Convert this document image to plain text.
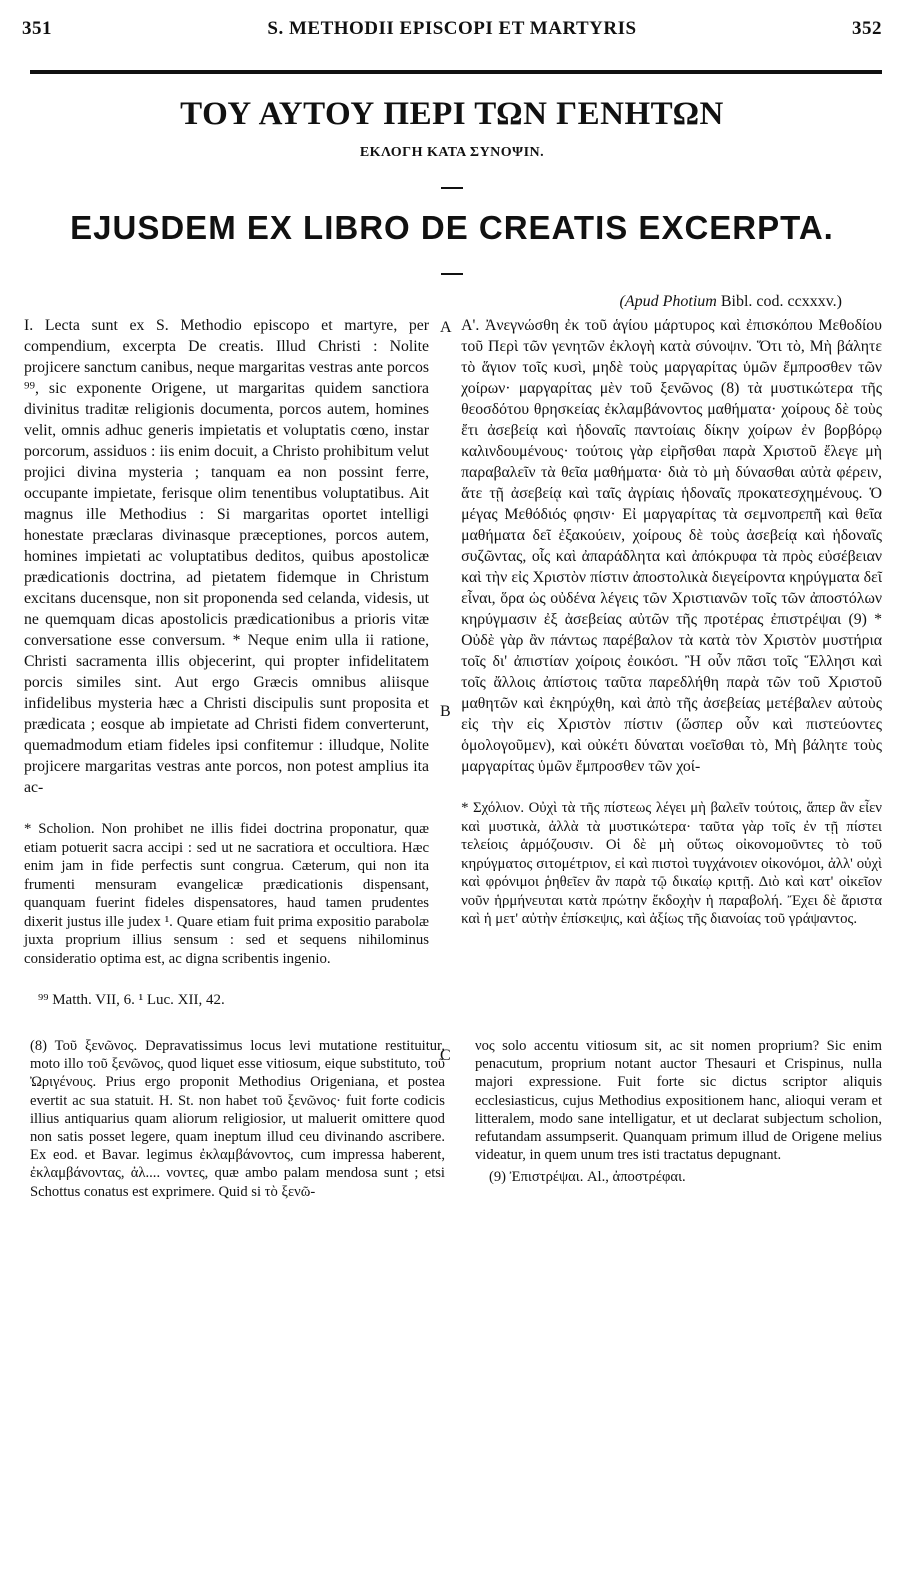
351	S. METHODII EPISCOPI ET MARTYRIS	352
ΤΟΥ ΑΥΤΟΥ ΠΕΡΙ ΤΩΝ ΓΕΝΗΤΩΝ
ΕΚΛΟΓΗ ΚΑΤΑ ΣΥΝΟΨΙΝ.
EJUSDEM EX LIBRO DE CREATIS EXCERPTA.
(Apud Photium Bibl. cod. ccxxxv.)
A
B
C

I. Lecta sunt ex S. Methodio episcopo et martyre, per compendium, excerpta De creatis. Illud Christi : Nolite projicere sanctum canibus, neque margaritas vestras ante porcos ⁹⁹, sic exponente Origene, ut margaritas quidem sanctiora divinitus traditæ religionis documenta, porcos autem, homines velit, omnis adhuc generis impietatis et voluptatis cœno, instar porcorum, assiduos : iis enim docuit, a Christo prohibitum velut projici divina mysteria ; tanquam ea non possint ferre, occupante impietate, ferisque olim tenentibus voluptatibus. Ait magnus ille Methodius : Si margaritas oportet intelligi honestate præclaras divinasque præceptiones, porcos autem, homines impietati ac voluptatibus deditos, quibus apostolicæ prædicationis doctrina, ad pietatem fidemque in Christum excitans ducensque, non sit proponenda sed celanda, videsis, ut ne quemquam dicas apostolicis prædicationibus a prioris vitæ conversatione esse conversum. * Neque enim ulla ii ratione, Christi sacramenta illis objecerint, qui propter infidelitatem porcis similes sint. Aut ergo Græcis omnibus aliisque infidelibus mysteria hæc a Christi discipulis sunt proposita et prædicata ; eosque ab impietate ad Christi fidem converterunt, quemadmodum etiam fideles ipsi confitemur : illudque, Nolite projicere margaritas vestras ante porcos, non potest amplius ita ac-

* Scholion. Non prohibet ne illis fidei doctrina proponatur, quæ etiam potuerit sacra accipi : sed ut ne sacratiora et occultiora. Hæc enim jam in fide perfectis sunt congrua. Cæterum, qui non ita frumenti mensuram evangelicæ prædicationis dispensant, quanquam fuerint fideles dispensatores, haud tamen prudentes dixerit justus ille judex ¹. Quare etiam fuit prima expositio parabolæ juxta proprium illius sensum : sed et sequens nihilominus consideratio optima est, ac digna scribentis ingenio.

⁹⁹ Matth. VII, 6. ¹ Luc. XII, 42.

Α'. Ἀνεγνώσθη ἐκ τοῦ ἁγίου μάρτυρος καὶ ἐπισκόπου Μεθοδίου τοῦ Περὶ τῶν γενητῶν ἐκλογὴ κατὰ σύνοψιν. Ὅτι τὸ, Μὴ βάλητε τὸ ἅγιον τοῖς κυσὶ, μηδὲ τοὺς μαργαρίτας ὑμῶν ἔμπροσθεν τῶν χοίρων· μαργαρίτας μὲν τοῦ ξενῶνος (8) τὰ μυστικώτερα τῆς θεοσδότου θρησκείας ἐκλαμβάνοντος μαθήματα· χοίρους δὲ τοὺς ἔτι ἀσεβείᾳ καὶ ἡδοναῖς παντοίαις δίκην χοίρων ἐν βορβόρῳ καλινδουμένους· τούτοις γὰρ εἰρῆσθαι παρὰ Χριστοῦ ἔλεγε μὴ παραβαλεῖν τὰ θεῖα μαθήματα· διὰ τὸ μὴ δύνασθαι αὐτὰ φέρειν, ἅτε τῇ ἀσεβείᾳ καὶ ταῖς ἀγρίαις ἡδοναῖς προκατεσχημένους. Ὁ μέγας Μεθόδιός φησιν· Εἰ μαργαρίτας τὰ σεμνοπρεπῆ καὶ θεῖα μαθήματα δεῖ ἐξακούειν, χοίρους δὲ τοὺς ἀσεβείᾳ καὶ ἡδοναῖς συζῶντας, οἷς καὶ ἀπαράδλητα καὶ ἀπόκρυφα τὰ πρὸς εὐσέβειαν καὶ τὴν εἰς Χριστὸν πίστιν ἀποστολικὰ διεγείροντα κηρύγματα δεῖ εἶναι, ὅρα ὡς οὐδένα λέγεις τῶν Χριστιανῶν τοῖς τῶν ἀποστόλων κηρύγμασιν ἐξ ἀσεβείας αὐτῶν τῆς προτέρας ἐπιστρέψαι (9) * Οὐδὲ γὰρ ἂν πάντως παρέβαλον τὰ κατὰ τὸν Χριστὸν μυστήρια τοῖς δι' ἀπιστίαν χοίροις ἐοικόσι. Ἢ οὖν πᾶσι τοῖς Ἕλλησι καὶ τοῖς ἄλλοις ἀπίστοις ταῦτα παρεδλήθη παρὰ τῶν τοῦ Χριστοῦ μαθητῶν καὶ ἐκηρύχθη, καὶ ἀπὸ τῆς ἀσεβείας μετέβαλεν αὐτοὺς εἰς τὴν εἰς Χριστὸν πίστιν (ὥσπερ οὖν καὶ πιστεύοντες ὁμολογοῦμεν), καὶ οὐκέτι δύναται νοεῖσθαι τὸ, Μὴ βάλητε τοὺς μαργαρίτας ὑμῶν ἔμπροσθεν τῶν χοί-

* Σχόλιον. Οὐχὶ τὰ τῆς πίστεως λέγει μὴ βαλεῖν τούτοις, ἅπερ ἂν εἶεν καὶ μυστικὰ, ἀλλὰ τὰ μυστικώτερα· ταῦτα γὰρ τοῖς ἐν τῇ πίστει τελείοις ἁρμόζουσιν. Οἱ δὲ μὴ οὕτως οἰκονομοῦντες τὸ τοῦ κηρύγματος σιτομέτριον, εἰ καὶ πιστοὶ τυγχάνοιεν οἰκονόμοι, ἀλλ' οὐχὶ καὶ φρόνιμοι ῥηθεῖεν ἂν παρὰ τῷ δικαίῳ κριτῇ. Διὸ καὶ κατ' οἰκεῖον νοῦν ἡρμήνευται κατὰ πρώτην ἔκδοχὴν ἡ παραβολή. Ἔχει δὲ ἄριστα καὶ ἡ μετ' αὐτὴν ἐπίσκεψις, καὶ ἀξίως τῆς διανοίας τοῦ γράψαντος.

(8) Τοῦ ξενῶνος. Depravatissimus locus levi mutatione restituitur, moto illo τοῦ ξενῶνος, quod liquet esse vitiosum, eique substituto, τοῦ Ὠριγένους. Prius ergo proponit Methodius Origeniana, et postea evertit ac sua statuit. H. St. non habet τοῦ ξενῶνος· fuit forte codicis illius antiquarius quam aliorum religiosior, ut maluerit omittere quod non satis posset legere, quam ineptum illud ceu divinando ascribere. Ex eod. et Bavar. legimus ἐκλαμβάνοντος, cum impressa haberent, ἐκλαμβάνοντας, ἀλ.... νοντες, quæ ambo palam mendosa sunt ; etsi Schottus conatus est exprimere. Quid si τὸ ξενῶ-
νος solo accentu vitiosum sit, ac sit nomen proprium? Sic enim penacutum, proprium notant auctor Thesauri et Crispinus, nulla majori expressione. Fuit forte sic dictus scriptor aliquis ecclesiasticus, cujus Methodius expositionem hanc, alioqui veram et litteralem, modo sane intelligatur, et ut declarat subjectum scholion, refutandam assumpserit. Quanquam primum illud de Origene melius videatur, in quem unum tres isti tractatus depugnant.
(9) Ἐπιστρέψαι. Al., ἀποστρέφαι.
